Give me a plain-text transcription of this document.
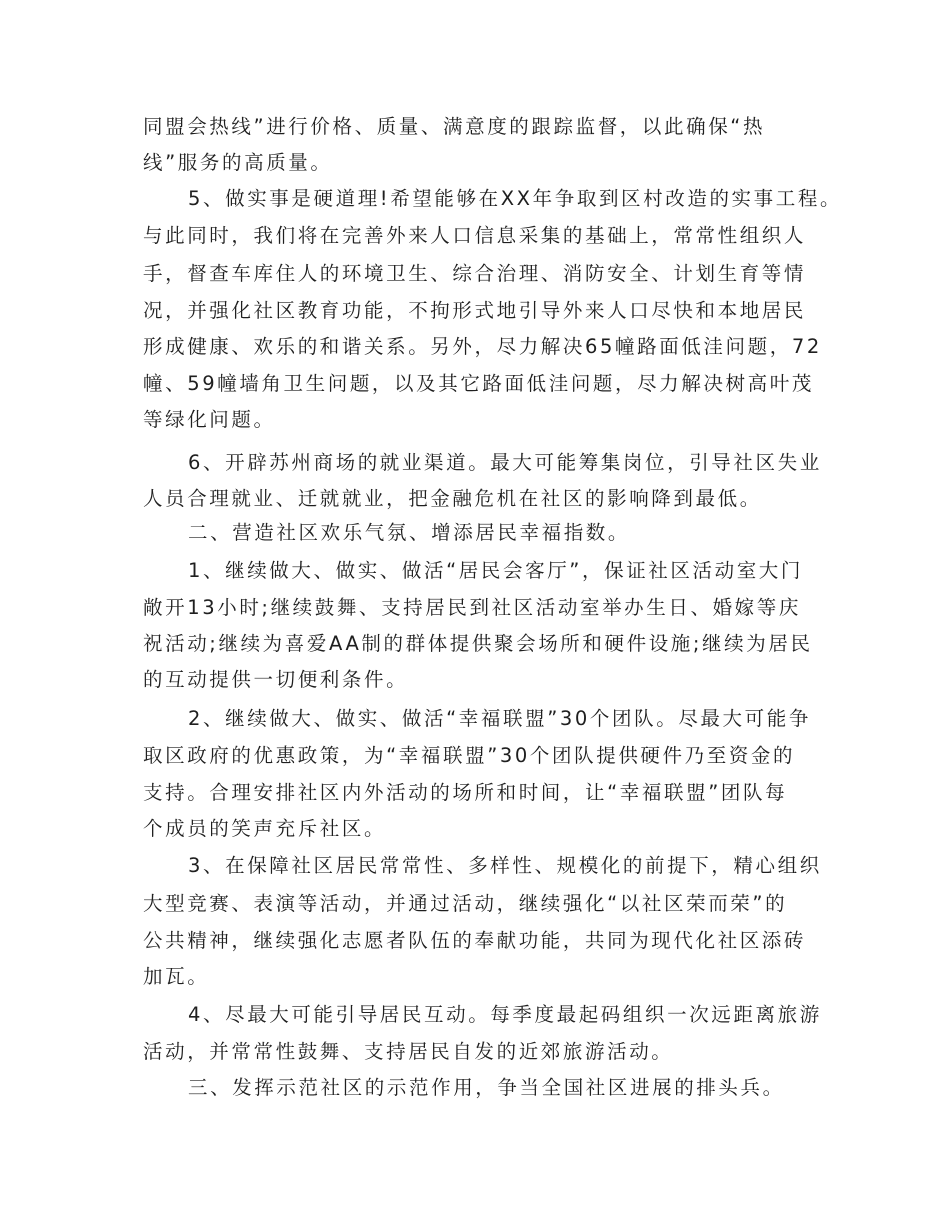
同盟会热线”进行价格、质量、满意度的跟踪监督，以此确保“热
线”服务的高质量。
5、做实事是硬道理!希望能够在XX年争取到区村改造的实事工程。
与此同时，我们将在完善外来人口信息采集的基础上，常常性组织人
手，督查车库住人的环境卫生、综合治理、消防安全、计划生育等情
况，并强化社区教育功能，不拘形式地引导外来人口尽快和本地居民
形成健康、欢乐的和谐关系。另外，尽力解决65幢路面低洼问题，72
幢、59幢墙角卫生问题，以及其它路面低洼问题，尽力解决树高叶茂
等绿化问题。
6、开辟苏州商场的就业渠道。最大可能筹集岗位，引导社区失业
人员合理就业、迁就就业，把金融危机在社区的影响降到最低。
二、营造社区欢乐气氛、增添居民幸福指数。
1、继续做大、做实、做活“居民会客厅”，保证社区活动室大门
敞开13小时;继续鼓舞、支持居民到社区活动室举办生日、婚嫁等庆
祝活动;继续为喜爱AA制的群体提供聚会场所和硬件设施;继续为居民
的互动提供一切便利条件。
2、继续做大、做实、做活“幸福联盟”30个团队。尽最大可能争
取区政府的优惠政策，为“幸福联盟”30个团队提供硬件乃至资金的
支持。合理安排社区内外活动的场所和时间，让“幸福联盟”团队每
个成员的笑声充斥社区。
3、在保障社区居民常常性、多样性、规模化的前提下，精心组织
大型竞赛、表演等活动，并通过活动，继续强化“以社区荣而荣”的
公共精神，继续强化志愿者队伍的奉献功能，共同为现代化社区添砖
加瓦。
4、尽最大可能引导居民互动。每季度最起码组织一次远距离旅游
活动，并常常性鼓舞、支持居民自发的近郊旅游活动。
三、发挥示范社区的示范作用，争当全国社区进展的排头兵。
